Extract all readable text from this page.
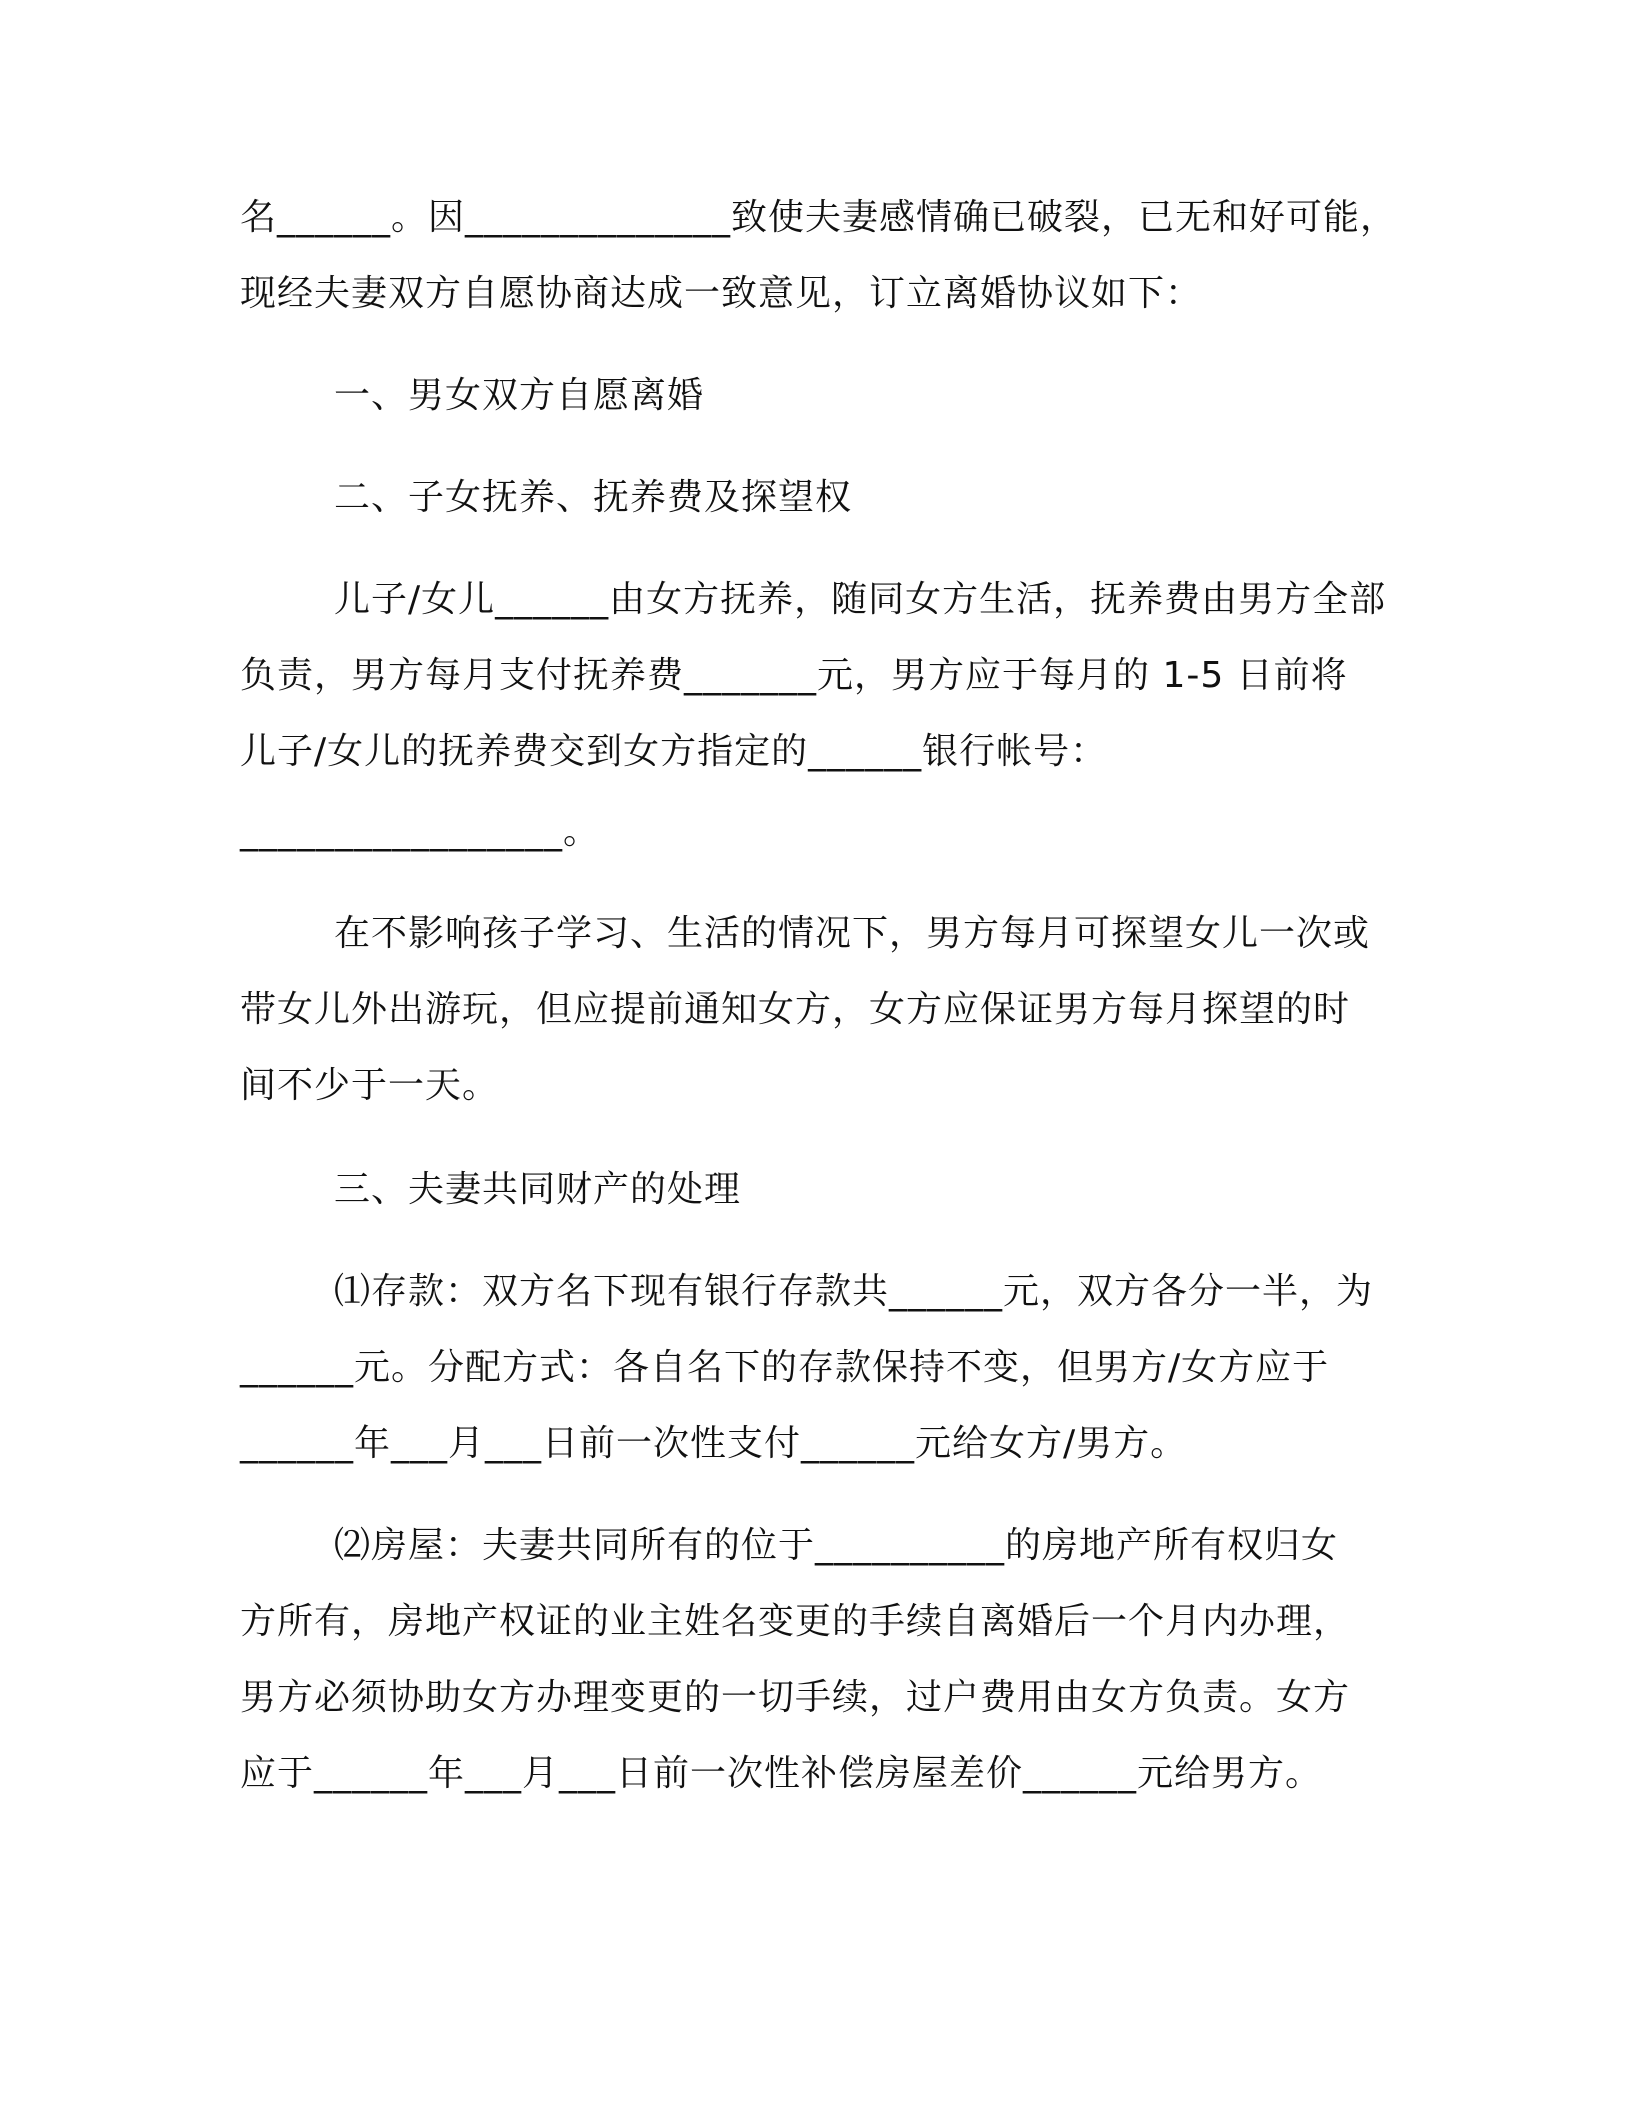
名______。因______________致使夫妻感情确已破裂，已无和好可能，
现经夫妻双方自愿协商达成一致意见，订立离婚协议如下：
一、男女双方自愿离婚
二、子女抚养、抚养费及探望权
儿子/女儿______由女方抚养，随同女方生活，抚养费由男方全部
负责，男方每月支付抚养费_______元，男方应于每月的 1-5 日前将
儿子/女儿的抚养费交到女方指定的______银行帐号：
_________________。
在不影响孩子学习、生活的情况下，男方每月可探望女儿一次或
带女儿外出游玩，但应提前通知女方，女方应保证男方每月探望的时
间不少于一天。
三、夫妻共同财产的处理
⑴存款：双方名下现有银行存款共______元，双方各分一半，为
______元。分配方式：各自名下的存款保持不变，但男方/女方应于
______年___月___日前一次性支付______元给女方/男方。
⑵房屋：夫妻共同所有的位于__________的房地产所有权归女
方所有，房地产权证的业主姓名变更的手续自离婚后一个月内办理，
男方必须协助女方办理变更的一切手续，过户费用由女方负责。女方
应于______年___月___日前一次性补偿房屋差价______元给男方。
